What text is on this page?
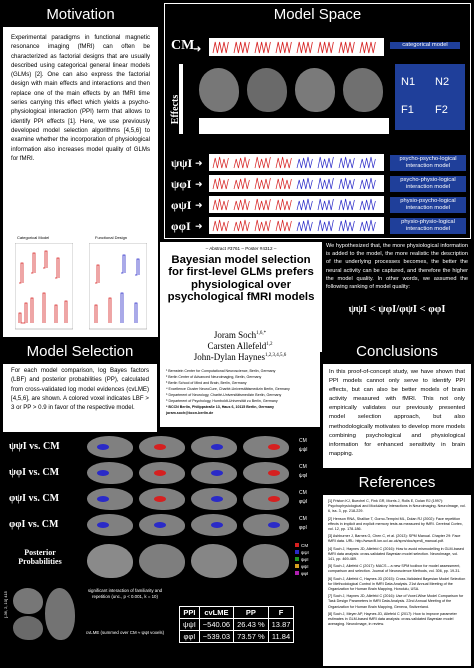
Motivation
Experimental paradigms in functional magnetic resonance imaging (fMRI) can often be characterized as factorial designs that are usually described using categorical general linear models (GLMs) [2]. One can also express the factorial design with main effects and interactions and then replace one of the main effects by an fMRI time series carrying this effect which yields a psycho-physiological interaction (PPI) term that allows to identify PPI effects [1]. Here, we use previously developed model selection algorithms [4,5,6] to examine whether the incorporation of physiological information also increases model quality of GLMs for fMRI.
Categorical Model	Functional Design
Model Space
CM
➜	categorical model
Effects
N1 N2
F1 F2
ψψI ➜	psycho-psycho-logical interaction model
ψφI ➜	psycho-physio-logical interaction model
φψI ➜	physio-psycho-logical interaction model
φφI ➜	physio-physio-logical interaction model
– Abstract #3761 – Poster #4312 –
Bayesian model selection for first-level GLMs prefers physiological over psychological fMRI models
Joram Soch$^{1,6,*}$
Carsten Allefeld$^{1,2}$
John-Dylan Haynes$^{1,2,3,4,5,6}$
¹ Bernstein Center for Computational Neuroscience, Berlin, Germany
² Berlin Center of Advanced Neuroimaging, Berlin, Germany
³ Berlin School of Mind and Brain, Berlin, Germany
⁴ Excellence Cluster NeuroCure, Charité-Universitätsmedizin Berlin, Germany
⁵ Department of Neurology, Charité-Universitätsmedizin Berlin, Germany
⁶ Department of Psychology, Humboldt-Universität zu Berlin, Germany
* BCCN Berlin, Philippstraße 13, Haus 6, 10115 Berlin, Germany
joram.soch@bccn-berlin.de
We hypothesized that, the more physiological information is added to the model, the more realistic the description of the underlying processes becomes, the better the neural activity can be captured, and therefore the higher the model quality. In other words, we assumed the following ranking of model quality:
ψψI < ψφI/φψI < φφI
Model Selection
For each model comparison, log Bayes factors (LBF) and posterior probabilities (PP), calculated from cross-validated log model evidences (cvLME) [4,5,6], are shown. A colored voxel indicates LBF > 3 or PP > 0.9 in favor of the respective model.
ψψI vs. CM	CM
ψψI
ψφI vs. CM	CM
ψφI
φψI vs. CM	CM
φψI
φφI vs. CM	CM
φφI
Posterior Probabilities
CM
ψψI
ψφI
φψI
φφI
[-36, 2, 10] 415
significant interaction of familiarity and repetition (unc., p < 0.001, k = 10)
cvLME (summed over CM ≈ ψψI voxels)
PPI	cvLME	PP	F
ψψI	−540.06	26.43 %	13.87
φφI	−539.03	73.57 %	11.84
Conclusions
In this proof-of-concept study, we have shown that PPI models cannot only serve to identify PPI effects, but can also be better models of brain activity measured with fMRI. This not only empirically validates our previously presented model selection approach, but also methodologically motivates to develop more models combining psychological and physiological information for enhanced sensitivity in brain mapping.
References
[1] Friston KJ, Buechel C, Fink GR, Morris J, Rolls E, Dolan RJ (1997): Psychophysiological and Modulatory Interactions in Neuroimaging. NeuroImage, vol. 6, iss. 3, pp. 218-229.
[2] Henson RNA, Shallice T, Gorno-Tempini ML, Dolan RJ (2002): Face repetition effects in implicit and explicit memory tests as measured by fMRI. Cerebral Cortex, vol. 12, pp. 178-186.
[3] Ashburner J, Barnes G, Chen C, et al. (2013): SPM Manual. Chapter 29: Face fMRI data. URL: http://www.fil.ion.ucl.ac.uk/spm/doc/spm8_manual.pdf.
[4] Soch J, Haynes JD, Allefeld C (2016): How to avoid mismodelling in GLM-based fMRI data analysis: cross-validated Bayesian model selection. NeuroImage, vol. 141, pp. 469-489.
[5] Soch J, Allefeld C (2017): MACS – a new SPM toolbox for model assessment, comparison and selection. Journal of Neuroscience Methods, vol. 306, pp. 19-31.
[6] Soch J, Allefeld C, Haynes JD (2015): Cross-Validated Bayesian Model Selection for Methodological Control in fMRI Data Analysis. 21st Annual Meeting of the Organization for Human Brain Mapping, Honolulu, USA.
[7] Soch J, Haynes JD, Allefeld C (2016): Use of Voxel-Wise Model Comparison for Task Design Parameters in fMRI Data Analysis. 22nd Annual Meeting of the Organization for Human Brain Mapping, Geneva, Switzerland.
[8] Soch J, Meyer AP, Haynes JD, Allefeld C (2017): How to improve parameter estimates in GLM-based fMRI data analysis: cross-validated Bayesian model averaging. NeuroImage, in review.
